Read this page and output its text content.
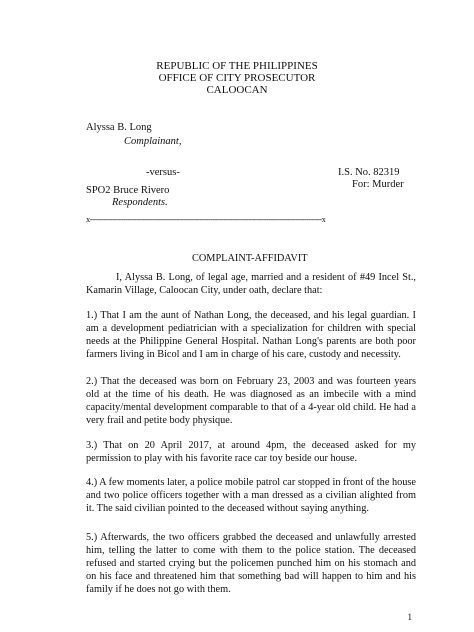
REPUBLIC OF THE PHILIPPINES
OFFICE OF CITY PROSECUTOR
CALOOCAN
Alyssa B. Long
Complainant,
-versus-	I.S. No. 82319
For: Murder
SPO2 Bruce Rivero
Respondents.
x--------------------------------------------------------------------------------------------------------x
COMPLAINT-AFFIDAVIT

I, Alyssa B. Long, of legal age, married and a resident of #49 Incel St., Kamarin Village, Caloocan City, under oath, declare that:

1.) That I am the aunt of Nathan Long, the deceased, and his legal guardian. I am a development pediatrician with a specialization for children with special needs at the Philippine General Hospital. Nathan Long's parents are both poor farmers living in Bicol and I am in charge of his care, custody and necessity.

2.) That the deceased was born on February 23, 2003 and was fourteen years old at the time of his death. He was diagnosed as an imbecile with a mind capacity/mental development comparable to that of a 4-year old child. He had a very frail and petite body physique.

3.) That on 20 April 2017, at around 4pm, the deceased asked for my permission to play with his favorite race car toy beside our house.

4.) A few moments later, a police mobile patrol car stopped in front of the house and two police officers together with a man dressed as a civilian alighted from it. The said civilian pointed to the deceased without saying anything.

5.) Afterwards, the two officers grabbed the deceased and unlawfully arrested him, telling the latter to come with them to the police station. The deceased refused and started crying but the policemen punched him on his stomach and on his face and threatened him that something bad will happen to him and his family if he does not go with them.

1
